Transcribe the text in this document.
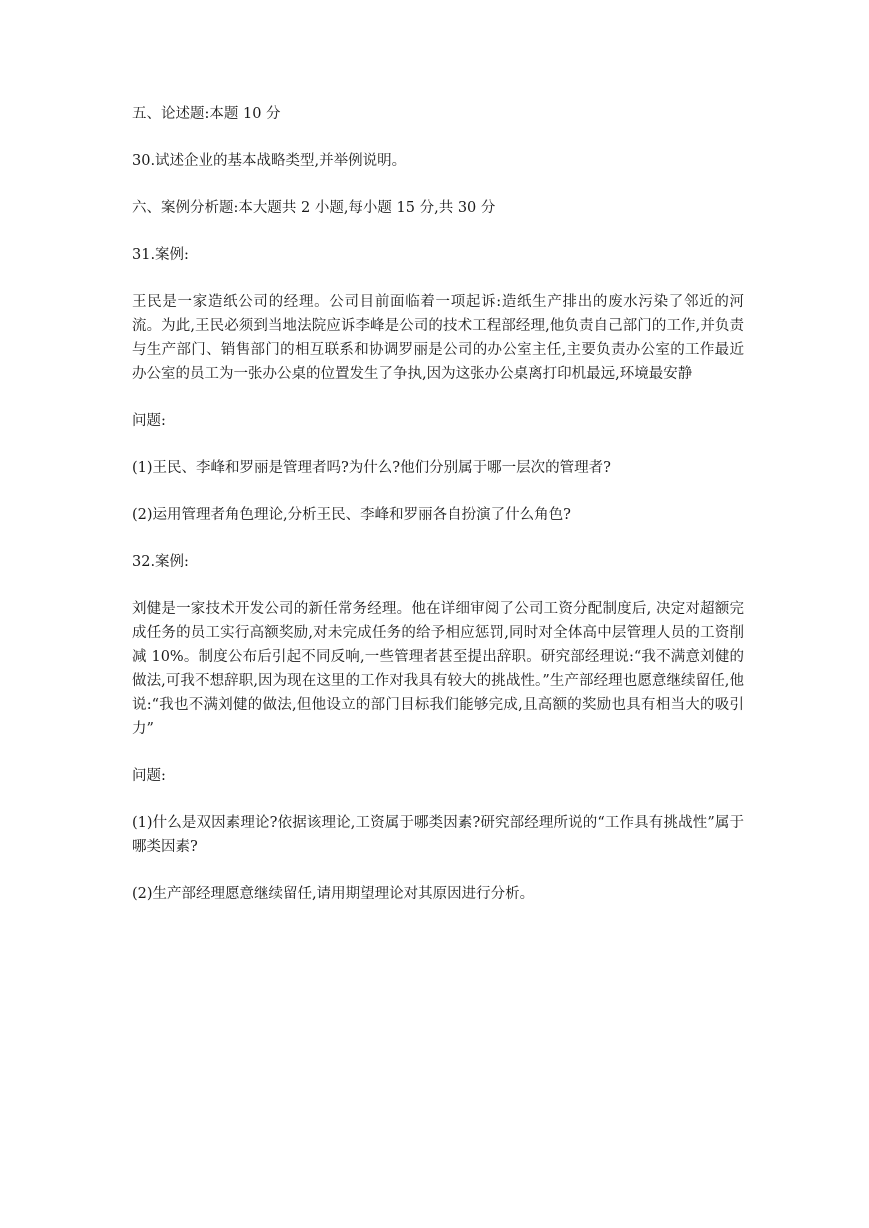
五、论述题:本题 10 分

30.试述企业的基本战略类型,并举例说明。

六、案例分析题:本大题共 2 小题,每小题 15 分,共 30 分

31.案例:

王民是一家造纸公司的经理。公司目前面临着一项起诉:造纸生产排出的废水污染了邻近的河流。为此,王民必须到当地法院应诉李峰是公司的技术工程部经理,他负责自己部门的工作,并负责与生产部门、销售部门的相互联系和协调罗丽是公司的办公室主任,主要负责办公室的工作最近办公室的员工为一张办公桌的位置发生了争执,因为这张办公桌离打印机最远,环境最安静

问题:

(1)王民、李峰和罗丽是管理者吗?为什么?他们分别属于哪一层次的管理者?

(2)运用管理者角色理论,分析王民、李峰和罗丽各自扮演了什么角色?

32.案例:

刘健是一家技术开发公司的新任常务经理。他在详细审阅了公司工资分配制度后, 决定对超额完成任务的员工实行高额奖励,对未完成任务的给予相应惩罚,同时对全体高中层管理人员的工资削减 10%。制度公布后引起不同反响,一些管理者甚至提出辞职。研究部经理说:“我不满意刘健的做法,可我不想辞职,因为现在这里的工作对我具有较大的挑战性。”生产部经理也愿意继续留任,他说:“我也不满刘健的做法,但他设立的部门目标我们能够完成,且高额的奖励也具有相当大的吸引力”

问题:

(1)什么是双因素理论?依据该理论,工资属于哪类因素?研究部经理所说的“工作具有挑战性”属于哪类因素?

(2)生产部经理愿意继续留任,请用期望理论对其原因进行分析。
